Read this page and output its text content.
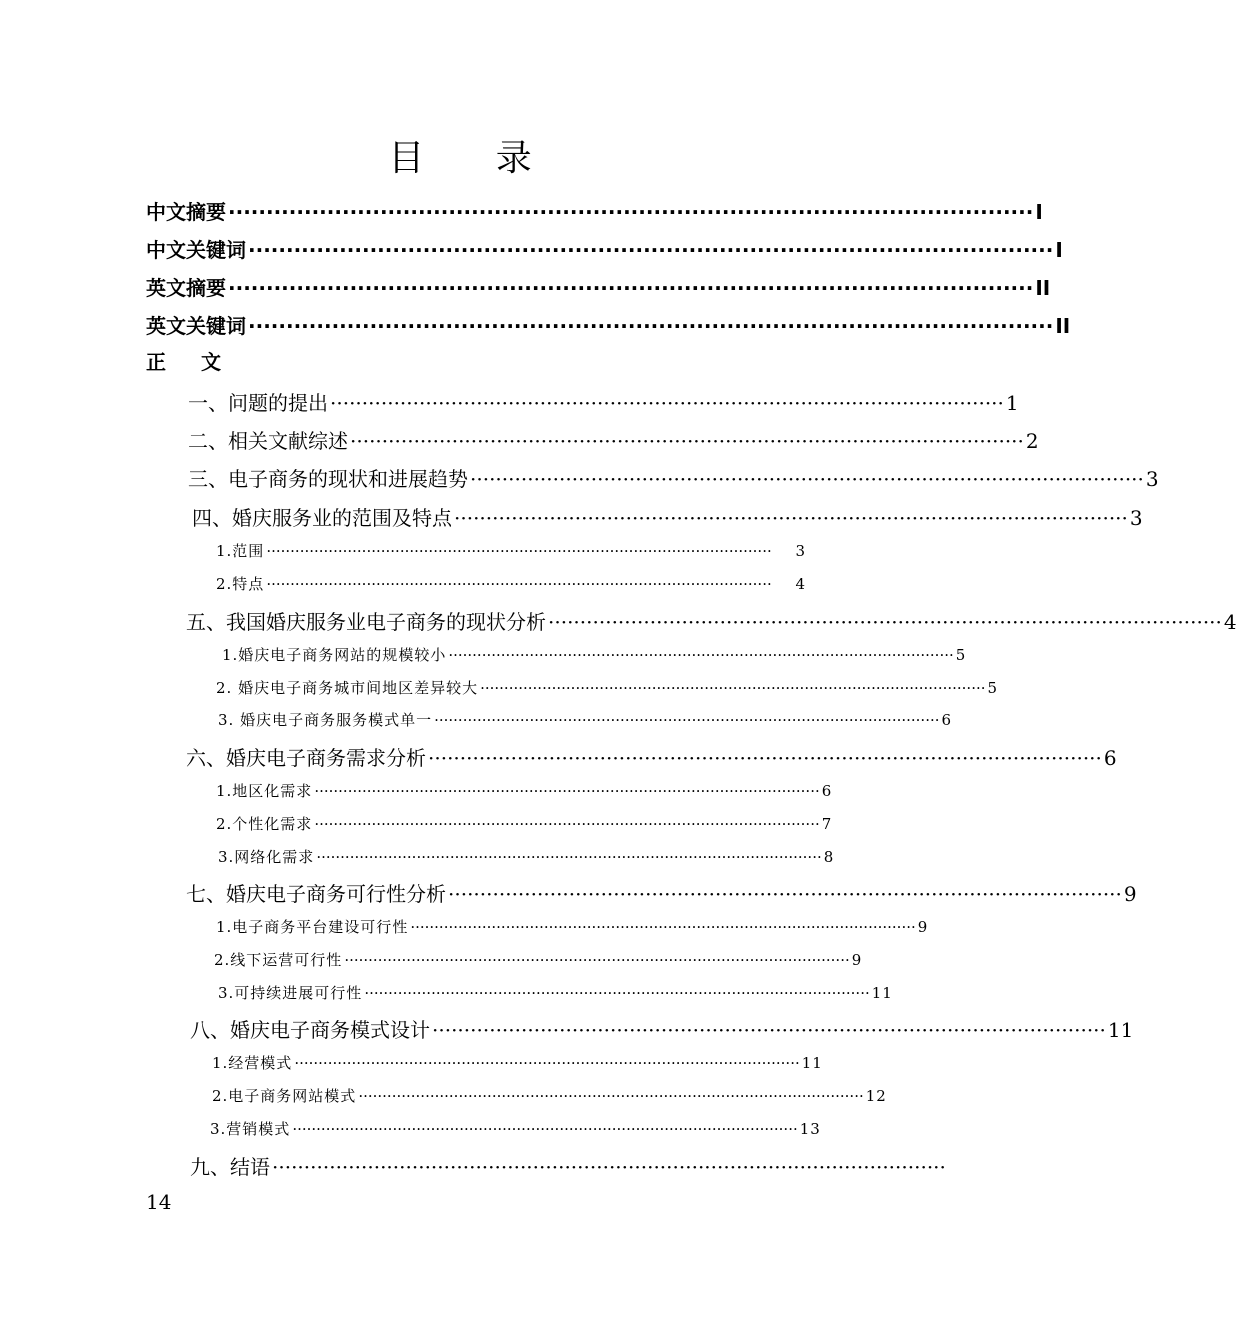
目 录
中文摘要 ·········································································································· Ⅰ
中文关键词 ·········································································································· Ⅰ
英文摘要 ·········································································································· II
英文关键词 ·········································································································· II
正 文
一、问题的提出 ·········································································································· 1
二、相关文献综述 ·········································································································· 2
三、电子商务的现状和进展趋势 ·········································································································· 3
四、婚庆服务业的范围及特点 ·········································································································· 3
1.范围 ··········································································································	3
2.特点 ··········································································································	4
五、我国婚庆服务业电子商务的现状分析 ·········································································································· 4
1.婚庆电子商务网站的规模较小 ·········································································································· 5
2. 婚庆电子商务城市间地区差异较大 ·········································································································· 5
3. 婚庆电子商务服务模式单一 ·········································································································· 6
六、婚庆电子商务需求分析 ·········································································································· 6
1.地区化需求 ·········································································································· 6
2.个性化需求 ·········································································································· 7
3.网络化需求 ·········································································································· 8
七、婚庆电子商务可行性分析 ·········································································································· 9
1.电子商务平台建设可行性 ·········································································································· 9
2.线下运营可行性 ·········································································································· 9
3.可持续进展可行性 ·········································································································· 11
八、婚庆电子商务模式设计 ·········································································································· 11
1.经营模式 ·········································································································· 11
2.电子商务网站模式 ·········································································································· 12
3.营销模式 ·········································································································· 13
九、结语 ··········································································································
14
